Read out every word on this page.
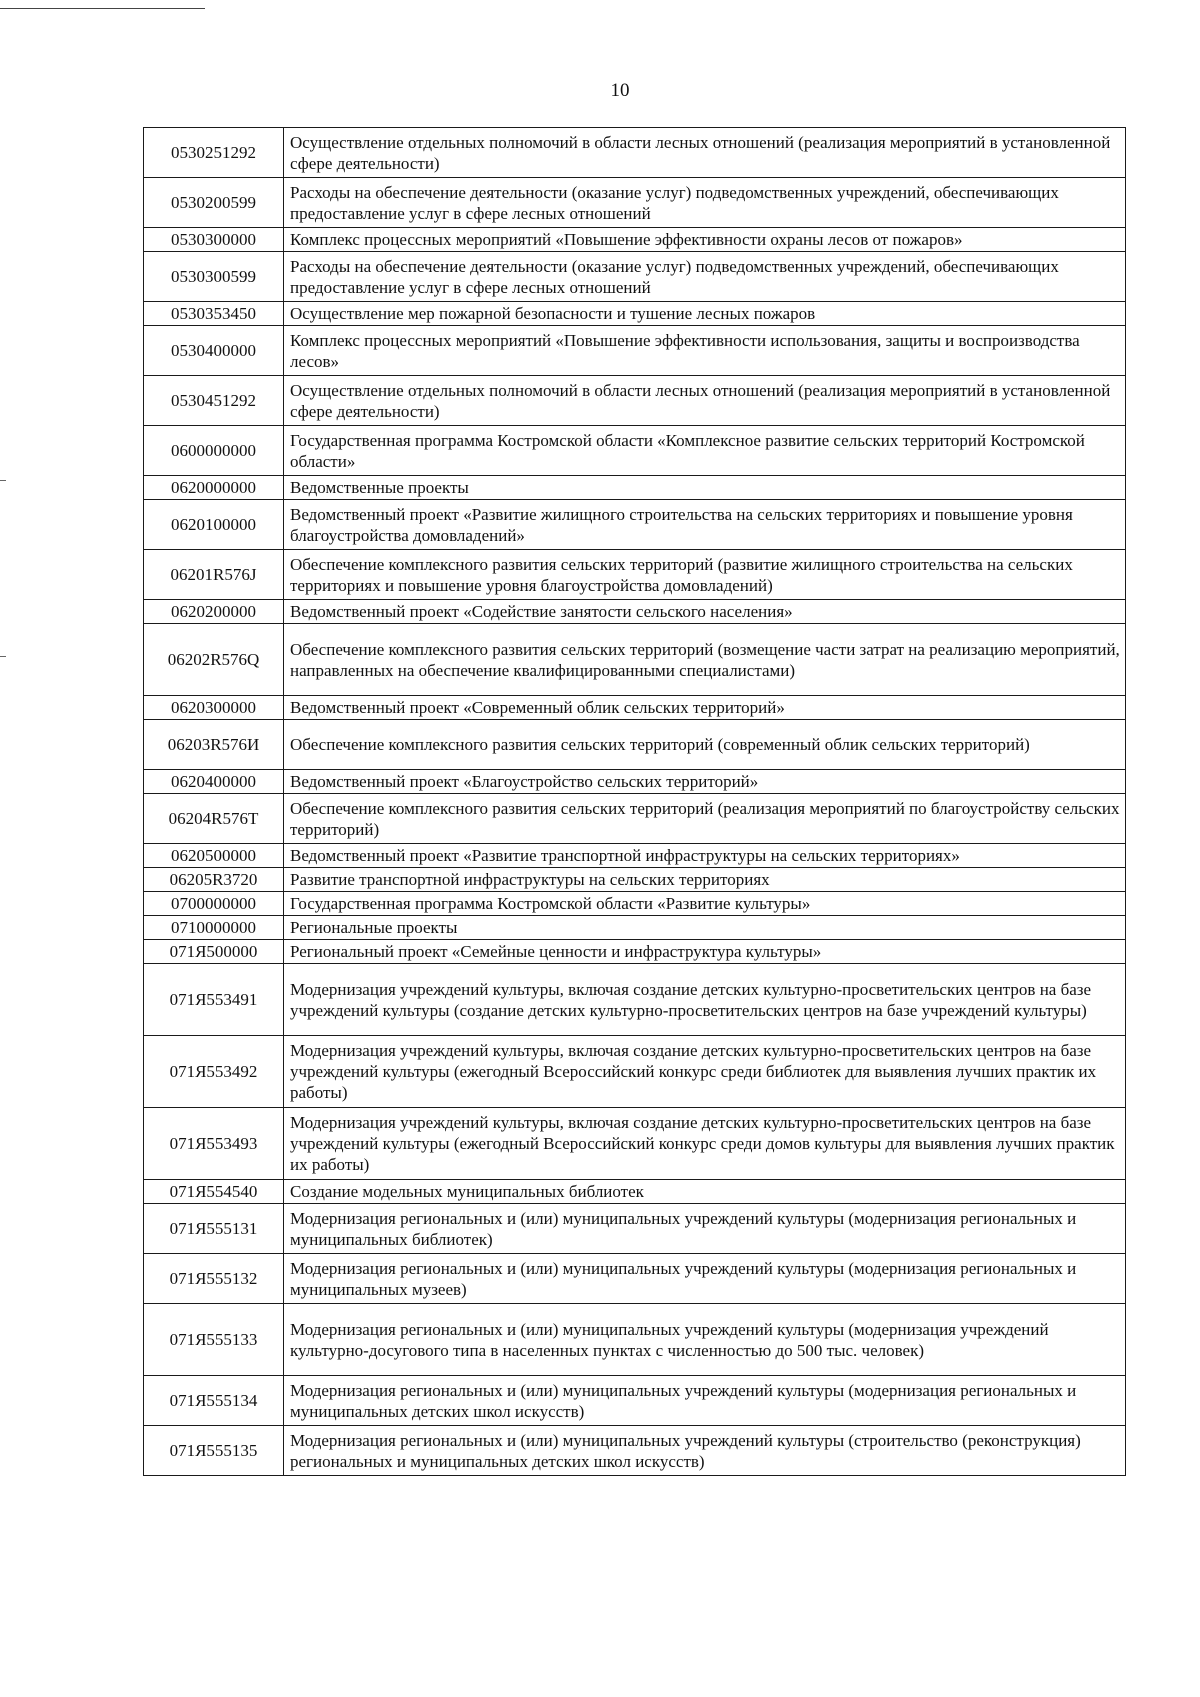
10
0530251292	Осуществление отдельных полномочий в области лесных отношений (реализация мероприятий в установленной сфере деятельности)
0530200599	Расходы на обеспечение деятельности (оказание услуг) подведомственных учреждений, обеспечивающих предоставление услуг в сфере лесных отношений
0530300000	Комплекс процессных мероприятий «Повышение эффективности охраны лесов от пожаров»
0530300599	Расходы на обеспечение деятельности (оказание услуг) подведомственных учреждений, обеспечивающих предоставление услуг в сфере лесных отношений
0530353450	Осуществление мер пожарной безопасности и тушение лесных пожаров
0530400000	Комплекс процессных мероприятий «Повышение эффективности использования, защиты и воспроизводства лесов»
0530451292	Осуществление отдельных полномочий в области лесных отношений (реализация мероприятий в установленной сфере деятельности)
0600000000	Государственная программа Костромской области «Комплексное развитие сельских территорий Костромской области»
0620000000	Ведомственные проекты
0620100000	Ведомственный проект «Развитие жилищного строительства на сельских территориях и повышение уровня благоустройства домовладений»
06201R576J	Обеспечение комплексного развития сельских территорий (развитие жилищного строительства на сельских территориях и повышение уровня благоустройства домовладений)
0620200000	Ведомственный проект «Содействие занятости сельского населения»
06202R576Q	Обеспечение комплексного развития сельских территорий (возмещение части затрат на реализацию мероприятий, направленных на обеспечение квалифицированными специалистами)
0620300000	Ведомственный проект «Современный облик сельских территорий»
06203R576И	Обеспечение комплексного развития сельских территорий (современный облик сельских территорий)
0620400000	Ведомственный проект «Благоустройство сельских территорий»
06204R576T	Обеспечение комплексного развития сельских территорий (реализация мероприятий по благоустройству сельских территорий)
0620500000	Ведомственный проект «Развитие транспортной инфраструктуры на сельских территориях»
06205R3720	Развитие транспортной инфраструктуры на сельских территориях
0700000000	Государственная программа Костромской области «Развитие культуры»
0710000000	Региональные проекты
071Я500000	Региональный проект «Семейные ценности и инфраструктура культуры»
071Я553491	Модернизация учреждений культуры, включая создание детских культурно-просветительских центров на базе учреждений культуры (создание детских культурно-просветительских центров на базе учреждений культуры)
071Я553492	Модернизация учреждений культуры, включая создание детских культурно-просветительских центров на базе учреждений культуры (ежегодный Всероссийский конкурс среди библиотек для выявления лучших практик их работы)
071Я553493	Модернизация учреждений культуры, включая создание детских культурно-просветительских центров на базе учреждений культуры (ежегодный Всероссийский конкурс среди домов культуры для выявления лучших практик их работы)
071Я554540	Создание модельных муниципальных библиотек
071Я555131	Модернизация региональных и (или) муниципальных учреждений культуры (модернизация региональных и муниципальных библиотек)
071Я555132	Модернизация региональных и (или) муниципальных учреждений культуры (модернизация региональных и муниципальных музеев)
071Я555133	Модернизация региональных и (или) муниципальных учреждений культуры (модернизация учреждений культурно-досугового типа в населенных пунктах с численностью до 500 тыс. человек)
071Я555134	Модернизация региональных и (или) муниципальных учреждений культуры (модернизация региональных и муниципальных детских школ искусств)
071Я555135	Модернизация региональных и (или) муниципальных учреждений культуры (строительство (реконструкция) региональных и муниципальных детских школ искусств)
